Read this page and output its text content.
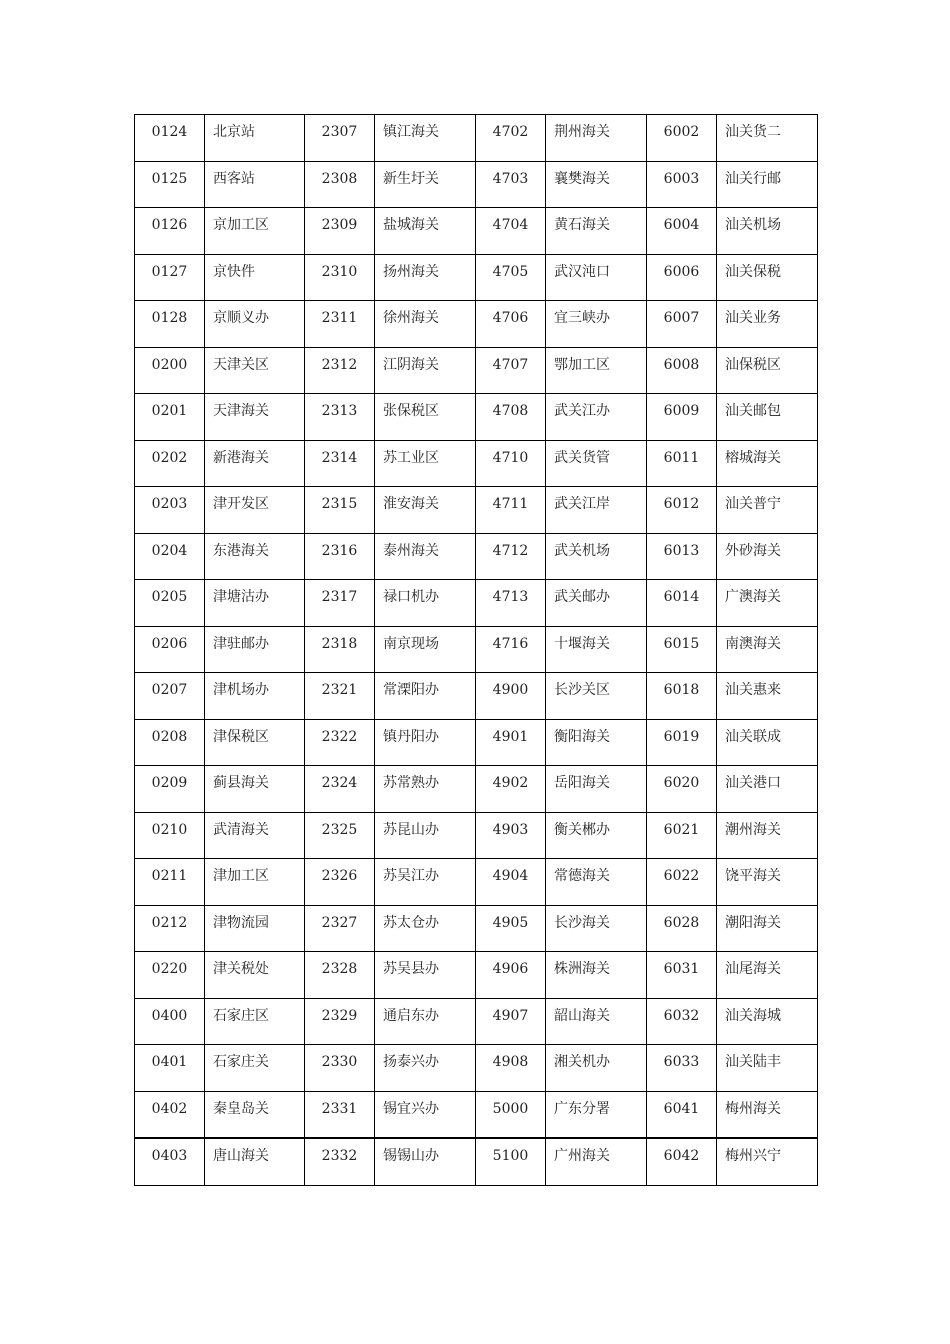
0124	北京站	2307	镇江海关	4702	荆州海关	6002	汕关货二

0125	西客站	2308	新生圩关	4703	襄樊海关	6003	汕关行邮

0126	京加工区	2309	盐城海关	4704	黄石海关	6004	汕关机场

0127	京快件	2310	扬州海关	4705	武汉沌口	6006	汕关保税

0128	京顺义办	2311	徐州海关	4706	宜三峡办	6007	汕关业务

0200	天津关区	2312	江阴海关	4707	鄂加工区	6008	汕保税区

0201	天津海关	2313	张保税区	4708	武关江办	6009	汕关邮包

0202	新港海关	2314	苏工业区	4710	武关货管	6011	榕城海关

0203	津开发区	2315	淮安海关	4711	武关江岸	6012	汕关普宁

0204	东港海关	2316	泰州海关	4712	武关机场	6013	外砂海关

0205	津塘沽办	2317	禄口机办	4713	武关邮办	6014	广澳海关

0206	津驻邮办	2318	南京现场	4716	十堰海关	6015	南澳海关

0207	津机场办	2321	常溧阳办	4900	长沙关区	6018	汕关惠来

0208	津保税区	2322	镇丹阳办	4901	衡阳海关	6019	汕关联成

0209	蓟县海关	2324	苏常熟办	4902	岳阳海关	6020	汕关港口

0210	武清海关	2325	苏昆山办	4903	衡关郴办	6021	潮州海关

0211	津加工区	2326	苏吴江办	4904	常德海关	6022	饶平海关

0212	津物流园	2327	苏太仓办	4905	长沙海关	6028	潮阳海关

0220	津关税处	2328	苏吴县办	4906	株洲海关	6031	汕尾海关

0400	石家庄区	2329	通启东办	4907	韶山海关	6032	汕关海城

0401	石家庄关	2330	扬泰兴办	4908	湘关机办	6033	汕关陆丰

0402	秦皇岛关	2331	锡宜兴办	5000	广东分署	6041	梅州海关

0403	唐山海关	2332	锡锡山办	5100	广州海关	6042	梅州兴宁
